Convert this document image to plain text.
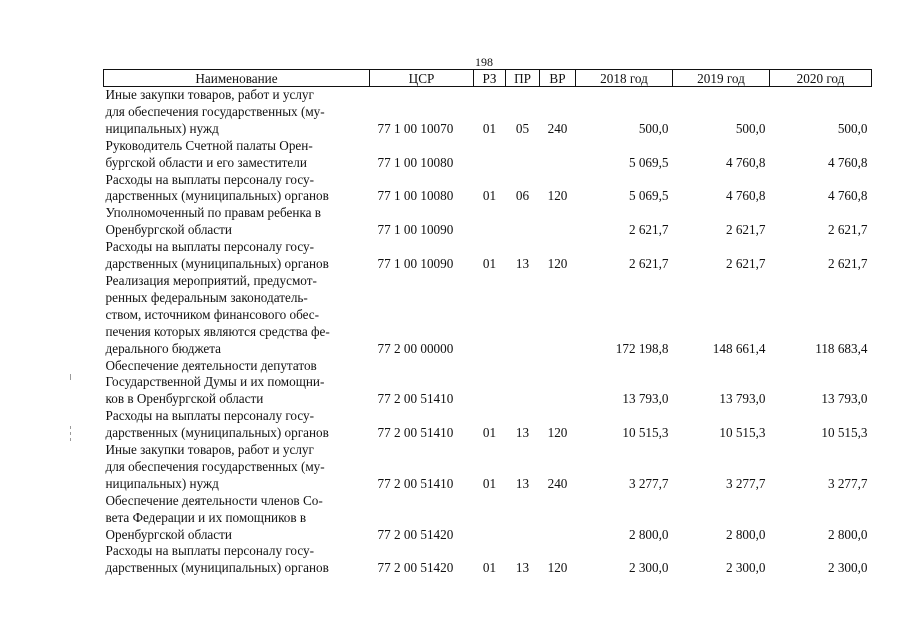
198
Наименование	ЦСР	РЗ	ПР	ВР	2018 год	2019 год	2020 год

Иные закупки товаров, работ и услуг
для обеспечения государственных (му-
ниципальных) нужд	77 1 00 10070	01	05	240	500,0	500,0	500,0

Руководитель Счетной палаты Орен-
бургской области и его заместители	77 1 00 10080				5 069,5	4 760,8	4 760,8

Расходы на выплаты персоналу госу-
дарственных (муниципальных) органов	77 1 00 10080	01	06	120	5 069,5	4 760,8	4 760,8

Уполномоченный по правам ребенка в
Оренбургской области	77 1 00 10090				2 621,7	2 621,7	2 621,7

Расходы на выплаты персоналу госу-
дарственных (муниципальных) органов	77 1 00 10090	01	13	120	2 621,7	2 621,7	2 621,7

Реализация мероприятий, предусмот-
ренных федеральным законодатель-
ством, источником финансового обес-
печения которых являются средства фе-
дерального бюджета	77 2 00 00000				172 198,8	148 661,4	118 683,4

Обеспечение деятельности депутатов
Государственной Думы и их помощни-
ков в Оренбургской области	77 2 00 51410				13 793,0	13 793,0	13 793,0

Расходы на выплаты персоналу госу-
дарственных (муниципальных) органов	77 2 00 51410	01	13	120	10 515,3	10 515,3	10 515,3

Иные закупки товаров, работ и услуг
для обеспечения государственных (му-
ниципальных) нужд	77 2 00 51410	01	13	240	3 277,7	3 277,7	3 277,7

Обеспечение деятельности членов Со-
вета Федерации и их помощников в
Оренбургской области	77 2 00 51420				2 800,0	2 800,0	2 800,0

Расходы на выплаты персоналу госу-
дарственных (муниципальных) органов	77 2 00 51420	01	13	120	2 300,0	2 300,0	2 300,0
